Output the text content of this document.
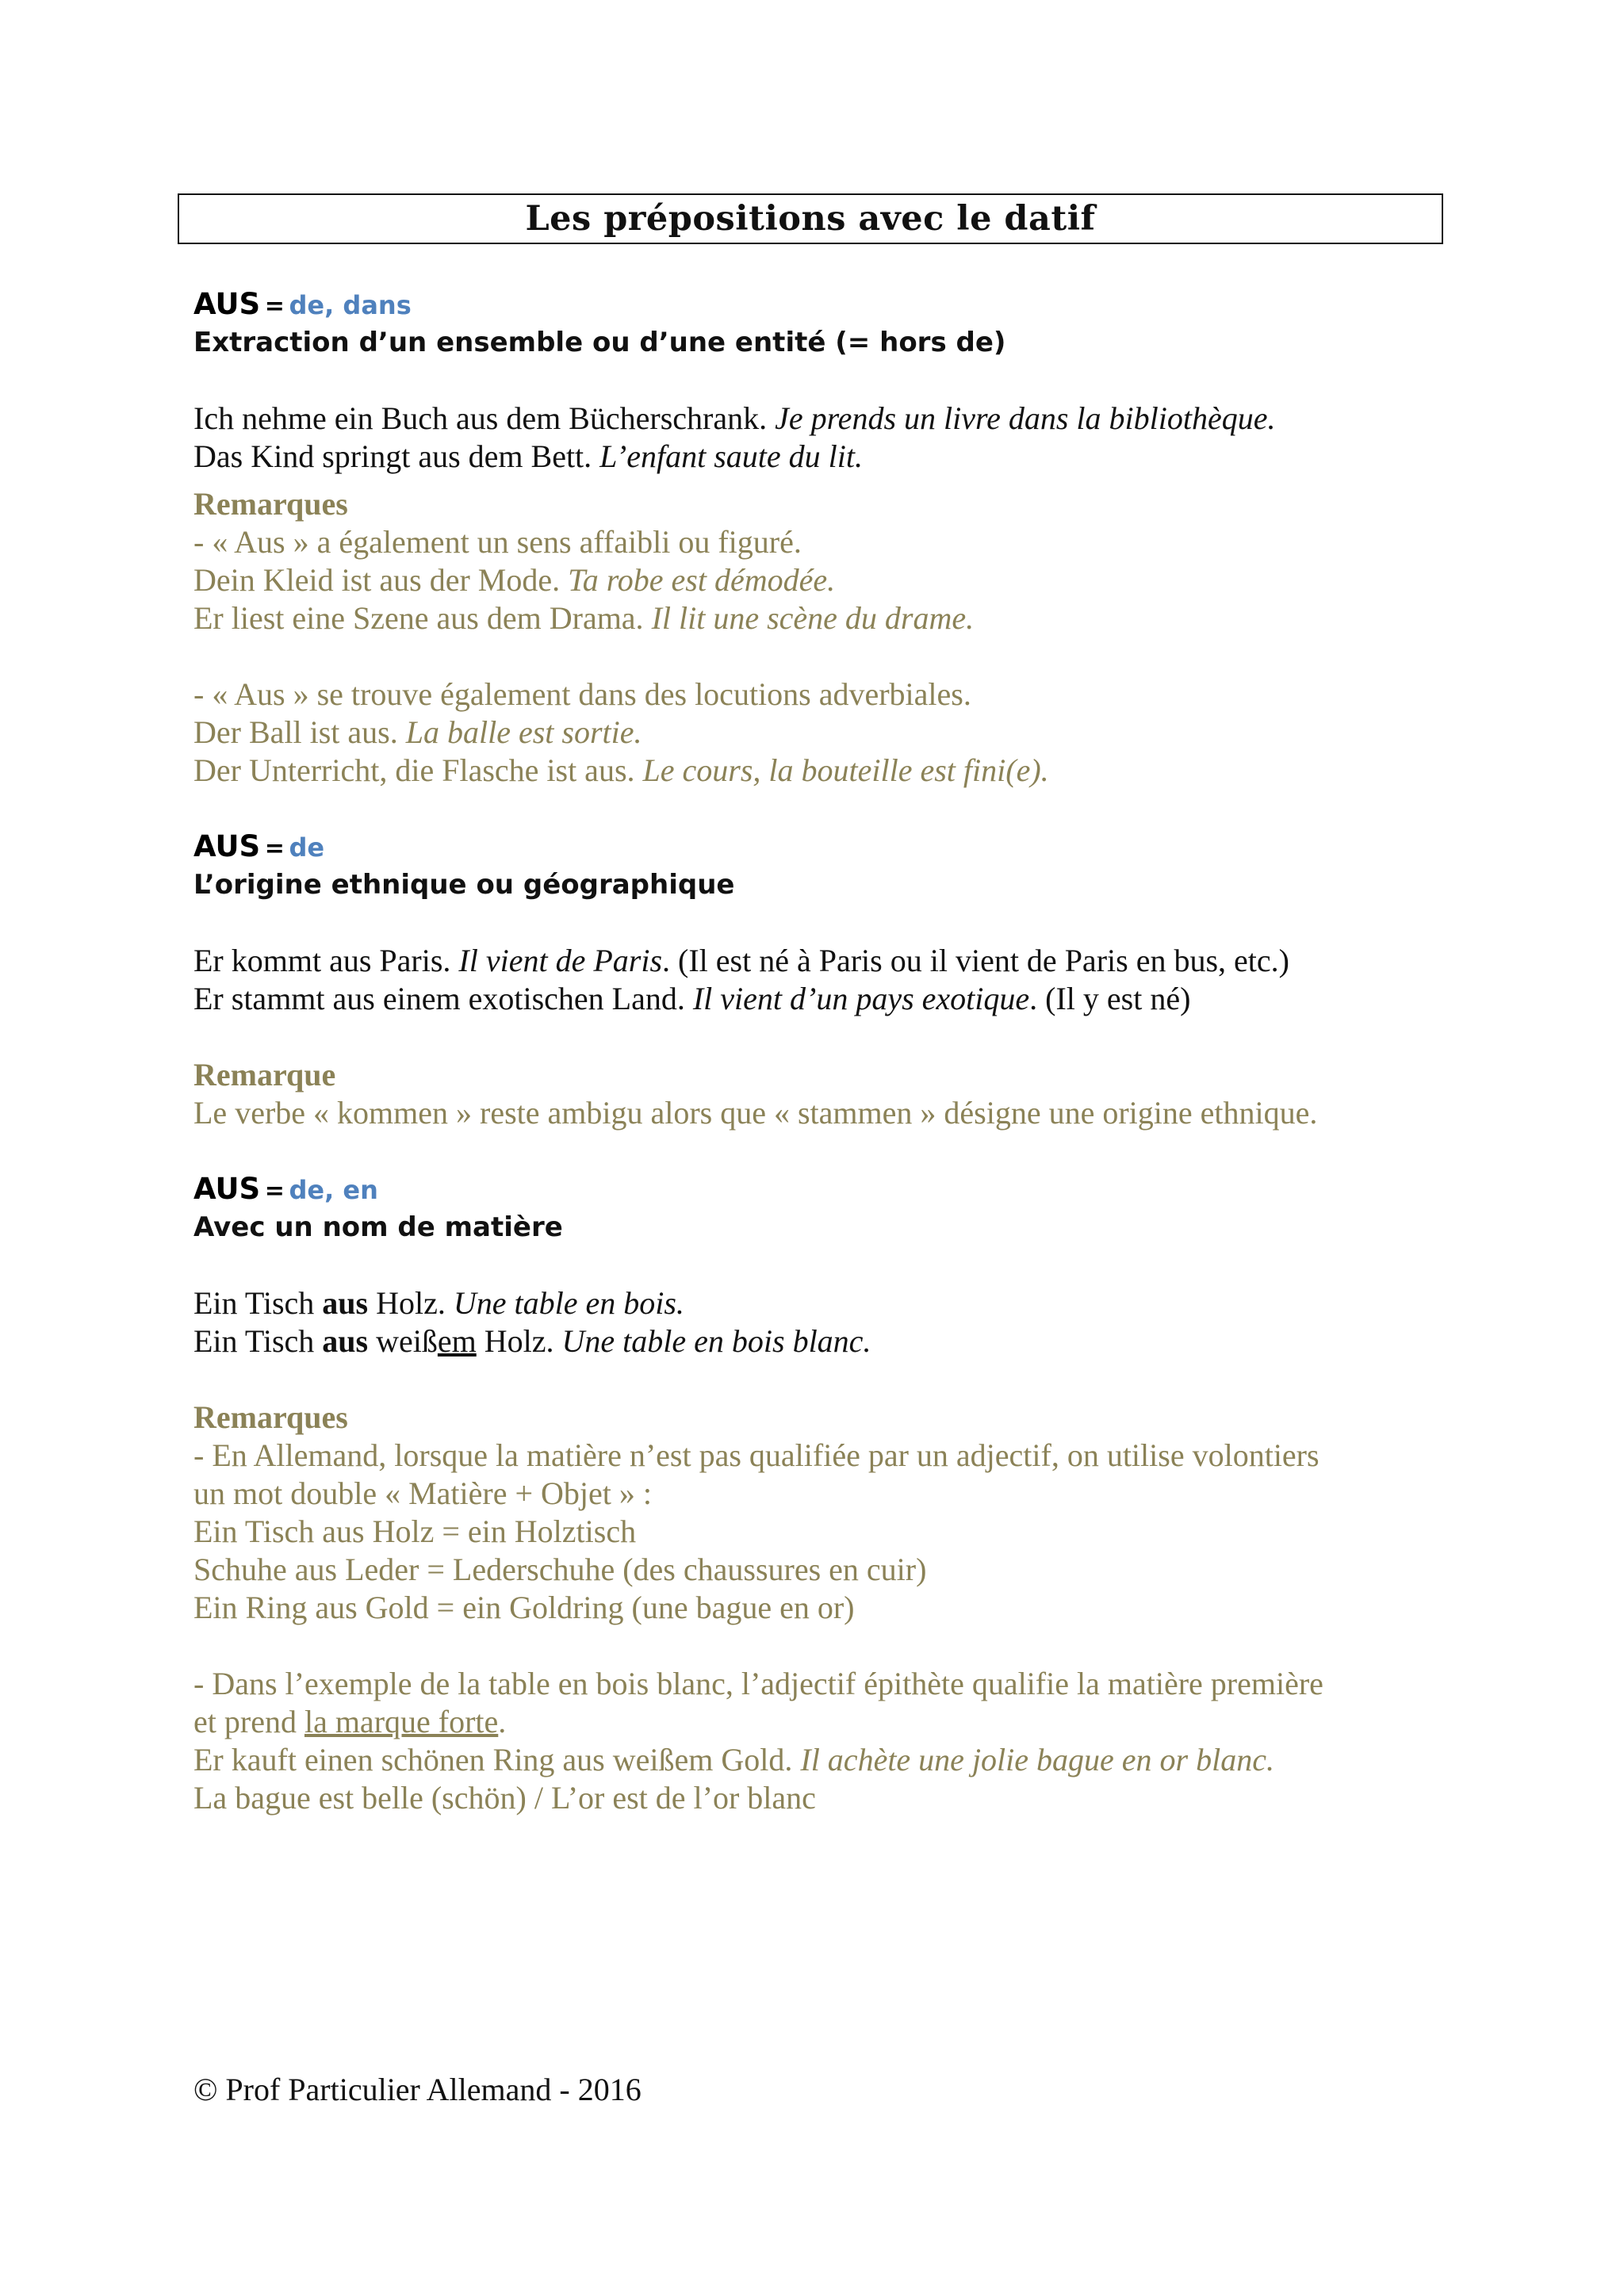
Les prépositions avec le datif
AUS = de, dans
Extraction d’un ensemble ou d’une entité (= hors de)
Ich nehme ein Buch aus dem Bücherschrank. Je prends un livre dans la bibliothèque.
Das Kind springt aus dem Bett. L’enfant saute du lit.
Remarques
- « Aus » a également un sens affaibli ou figuré.
Dein Kleid ist aus der Mode. Ta robe est démodée.
Er liest eine Szene aus dem Drama. Il lit une scène du drame.
- « Aus » se trouve également dans des locutions adverbiales.
Der Ball ist aus. La balle est sortie.
Der Unterricht, die Flasche ist aus. Le cours, la bouteille est fini(e).
AUS = de
L’origine ethnique ou géographique
Er kommt aus Paris. Il vient de Paris. (Il est né à Paris ou il vient de Paris en bus, etc.)
Er stammt aus einem exotischen Land. Il vient d’un pays exotique. (Il y est né)
Remarque
Le verbe « kommen » reste ambigu alors que « stammen » désigne une origine ethnique.
AUS = de, en
Avec un nom de matière
Ein Tisch aus Holz. Une table en bois.
Ein Tisch aus weißem Holz. Une table en bois blanc.
Remarques
- En Allemand, lorsque la matière n’est pas qualifiée par un adjectif, on utilise volontiers
un mot double « Matière + Objet » :
Ein Tisch aus Holz = ein Holztisch
Schuhe aus Leder = Lederschuhe (des chaussures en cuir)
Ein Ring aus Gold = ein Goldring (une bague en or)
- Dans l’exemple de la table en bois blanc, l’adjectif épithète qualifie la matière première
et prend la marque forte.
Er kauft einen schönen Ring aus weißem Gold. Il achète une jolie bague en or blanc.
La bague est belle (schön) / L’or est de l’or blanc
© Prof Particulier Allemand - 2016
